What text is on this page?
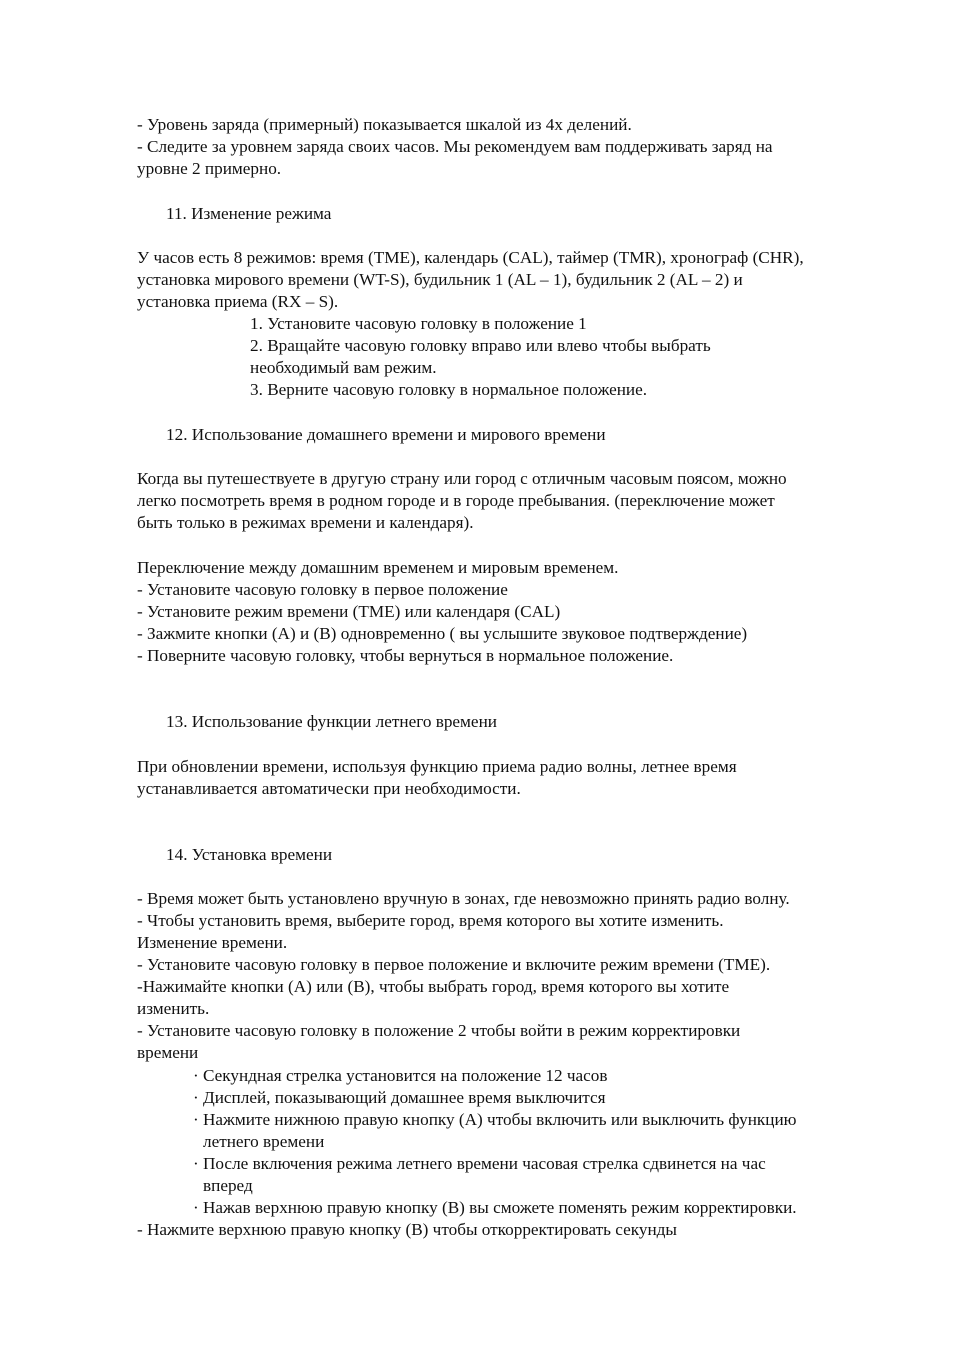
- Уровень заряда (примерный) показывается шкалой из 4х делений.
- Следите за уровнем заряда своих часов. Мы рекомендуем вам поддерживать заряд на
уровне 2 примерно.
11. Изменение режима
У часов есть 8 режимов: время (TME), календарь (CAL), таймер (TMR), хронограф (CHR),
установка мирового времени (WT-S), будильник 1 (AL – 1), будильник 2 (AL – 2) и
установка приема (RX – S).
1. Установите часовую головку в положение 1
2. Вращайте часовую головку вправо или влево чтобы выбрать
необходимый вам режим.
3. Верните часовую головку в нормальное положение.
12. Использование домашнего времени и мирового времени
Когда вы путешествуете в другую страну или город с отличным часовым поясом, можно
легко посмотреть время в родном городе и в городе пребывания. (переключение может
быть только в режимах времени и календаря).
Переключение между домашним временем и мировым временем.
- Установите часовую головку в первое положение
- Установите режим времени (TME) или календаря (CAL)
- Зажмите кнопки (А) и (В) одновременно ( вы услышите звуковое подтверждение)
- Поверните часовую головку, чтобы вернуться в нормальное положение.
13. Использование функции летнего времени
При обновлении времени, используя функцию приема радио волны, летнее время
устанавливается автоматически при необходимости.
14. Установка времени
- Время может быть установлено вручную в зонах, где невозможно принять радио волну.
- Чтобы установить время, выберите город, время которого вы хотите изменить.
Изменение времени.
- Установите часовую головку в первое положение и включите режим времени (TME).
-Нажимайте кнопки (А) или (В), чтобы выбрать город, время которого вы хотите
изменить.
- Установите часовую головку в положение 2 чтобы войти в режим корректировки
времени
· Секундная стрелка установится на положение 12 часов
· Дисплей, показывающий домашнее время выключится
· Нажмите нижнюю правую кнопку (А) чтобы включить или выключить функцию
летнего времени
· После включения режима летнего времени часовая стрелка сдвинется на час
вперед
· Нажав верхнюю правую кнопку (В) вы сможете поменять режим корректировки.
- Нажмите верхнюю правую кнопку (В) чтобы откорректировать секунды
